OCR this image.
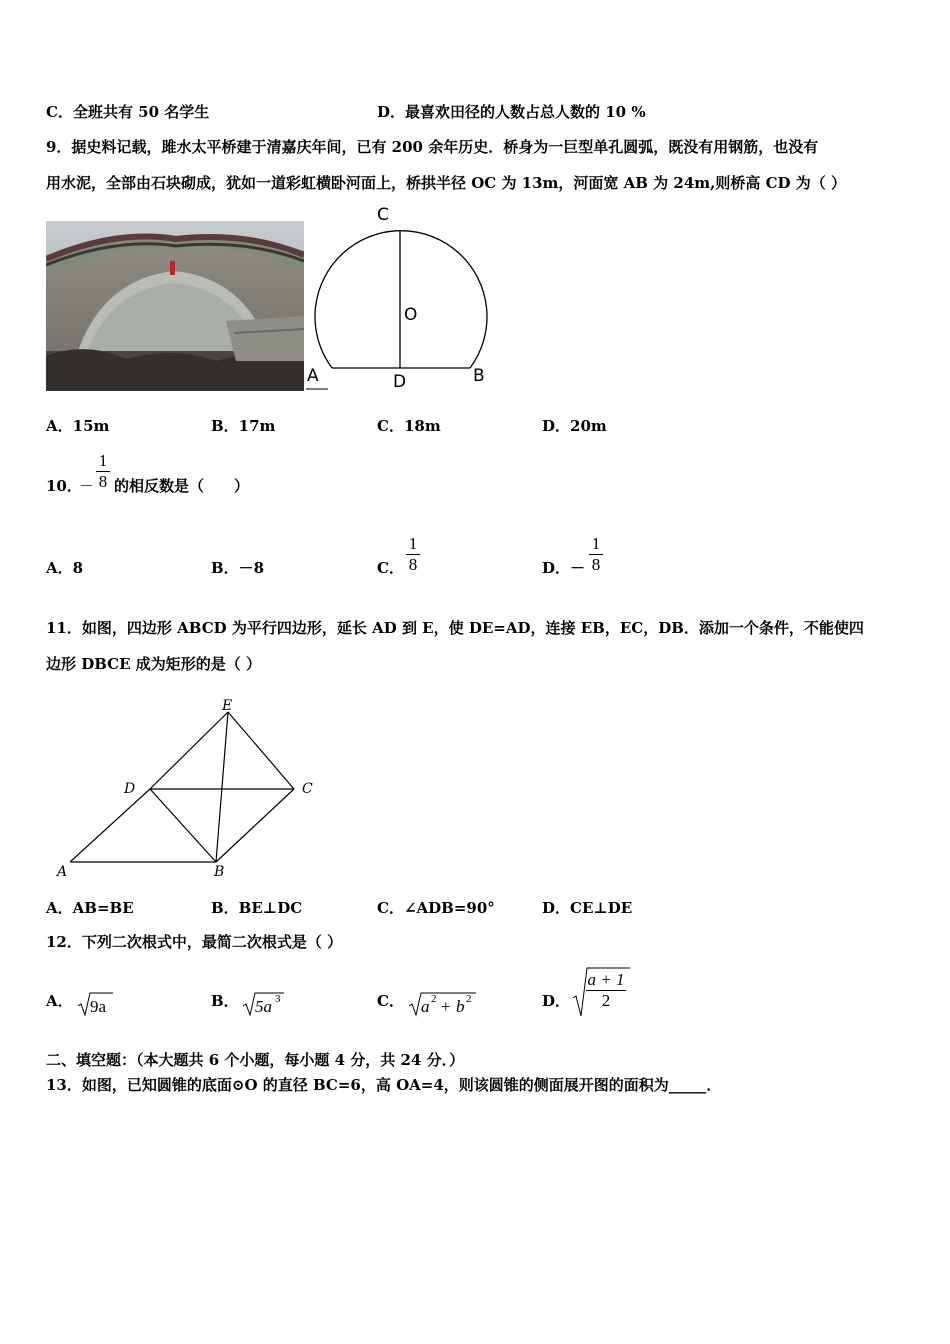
C．全班共有 50 名学生	D．最喜欢田径的人数占总人数的 10 %
9．据史料记载，雎水太平桥建于清嘉庆年间，已有 200 余年历史．桥身为一巨型单孔圆弧，既没有用钢筋，也没有
用水泥，全部由石块砌成，犹如一道彩虹横卧河面上，桥拱半径 OC 为 13m，河面宽 AB 为 24m,则桥高 CD 为（ ）
C
O
A	D	B
A．15m	B．17m	C．18m	D．20m
10．
－
1
8 的相反数是（　　）
A．8	B．－8	C．
1
8	D．－
1
8
11．如图，四边形 ABCD 为平行四边形，延长 AD 到 E，使 DE=AD，连接 EB，EC，DB．添加一个条件，不能使四
边形 DBCE 成为矩形的是（ ）
E
D	C
A	B
A．AB=BE	B．BE⊥DC	C．∠ADB=90°	D．CE⊥DE
12．下列二次根式中，最简二次根式是（ ）
A． 9a	B． 5a 3	C． a 2 + b 2	D．
a + 1
2
二、填空题：（本大题共 6 个小题，每小题 4 分，共 24 分．）
13．如图，已知圆锥的底面⊙O 的直径 BC=6，高 OA=4，则该圆锥的侧面展开图的面积为_____．
